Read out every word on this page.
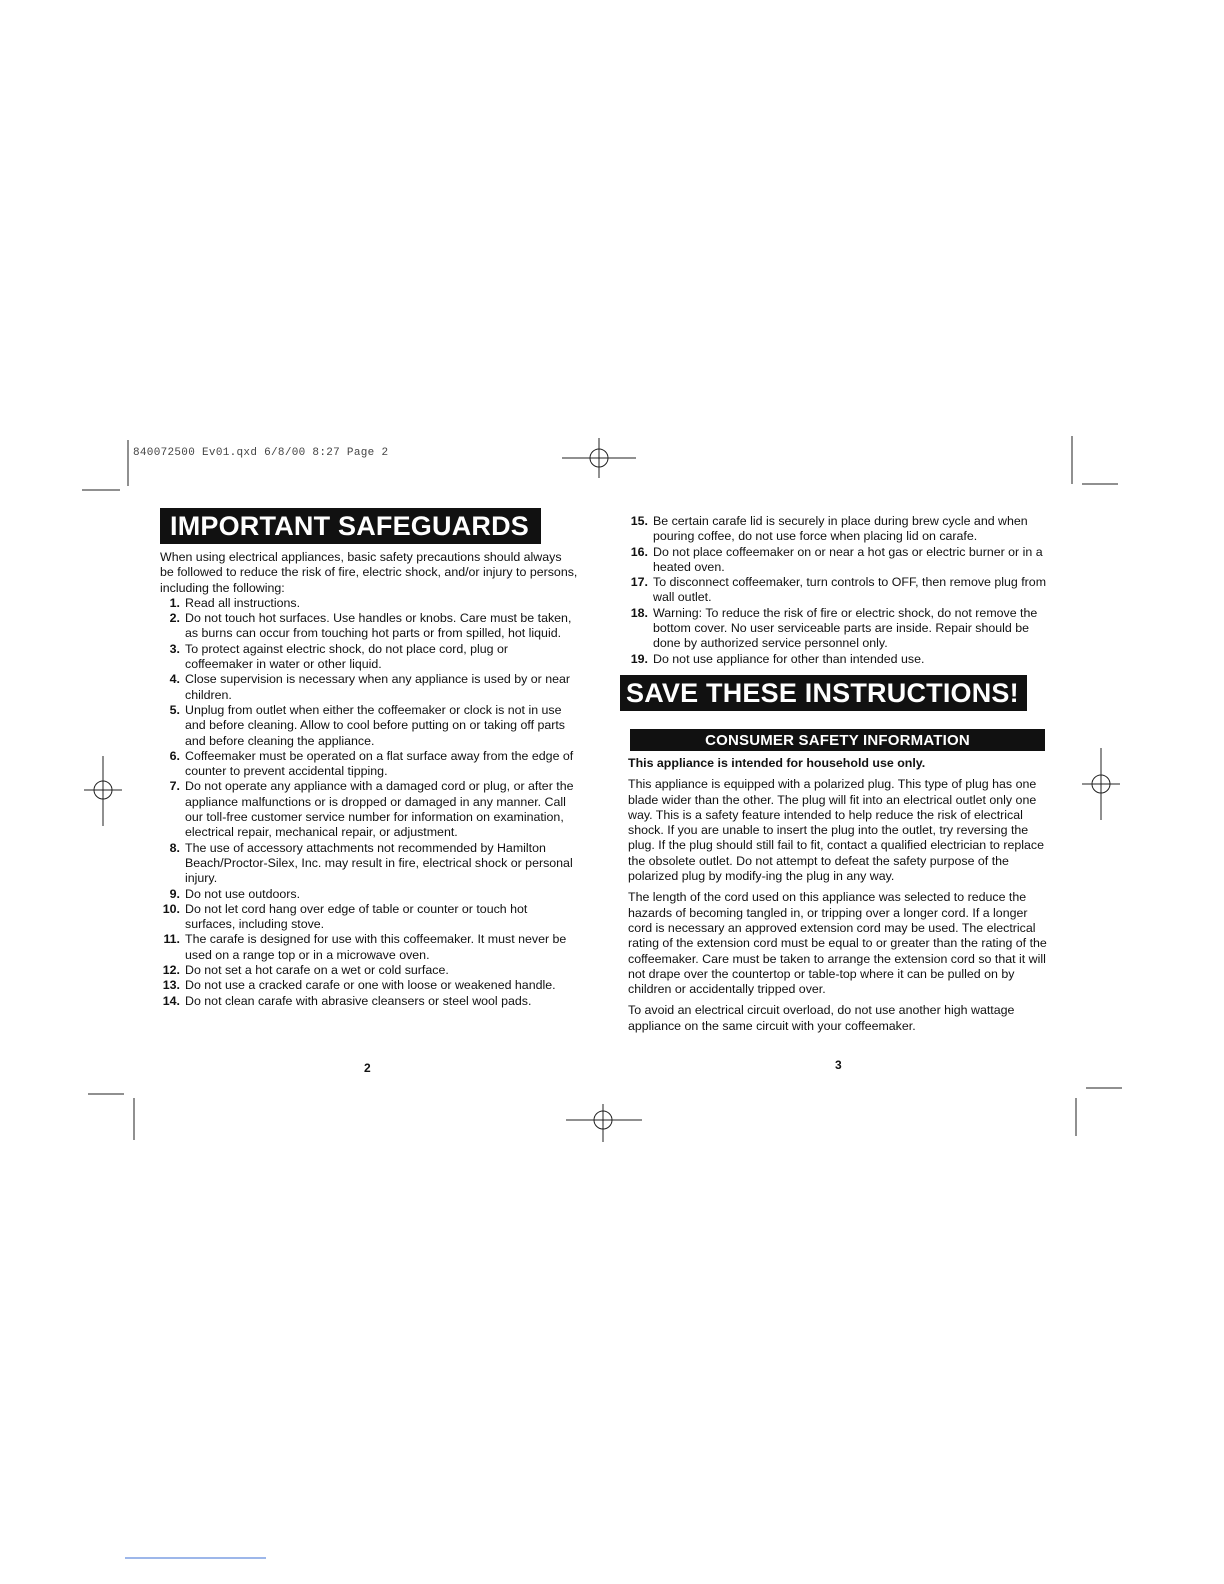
840072500 Ev01.qxd 6/8/00 8:27 Page 2
IMPORTANT SAFEGUARDS

When using electrical appliances, basic safety precautions should always be followed to reduce the risk of fire, electric shock, and/or injury to persons, including the following:

1. Read all instructions.
2. Do not touch hot surfaces. Use handles or knobs. Care must be taken, as burns can occur from touching hot parts or from spilled, hot liquid.
3. To protect against electric shock, do not place cord, plug or coffeemaker in water or other liquid.
4. Close supervision is necessary when any appliance is used by or near children.
5. Unplug from outlet when either the coffeemaker or clock is not in use and before cleaning. Allow to cool before putting on or taking off parts and before cleaning the appliance.
6. Coffeemaker must be operated on a flat surface away from the edge of counter to prevent accidental tipping.
7. Do not operate any appliance with a damaged cord or plug, or after the appliance malfunctions or is dropped or damaged in any manner. Call our toll-free customer service number for information on examination, electrical repair, mechanical repair, or adjustment.
8. The use of accessory attachments not recommended by Hamilton Beach/Proctor-Silex, Inc. may result in fire, electrical shock or personal injury.
9. Do not use outdoors.
10. Do not let cord hang over edge of table or counter or touch hot surfaces, including stove.
11. The carafe is designed for use with this coffeemaker. It must never be used on a range top or in a microwave oven.
12. Do not set a hot carafe on a wet or cold surface.
13. Do not use a cracked carafe or one with loose or weakened handle.
14. Do not clean carafe with abrasive cleansers or steel wool pads.
2
15. Be certain carafe lid is securely in place during brew cycle and when pouring coffee, do not use force when placing lid on carafe.
16. Do not place coffeemaker on or near a hot gas or electric burner or in a heated oven.
17. To disconnect coffeemaker, turn controls to OFF, then remove plug from wall outlet.
18. Warning: To reduce the risk of fire or electric shock, do not remove the bottom cover. No user serviceable parts are inside. Repair should be done by authorized service personnel only.
19. Do not use appliance for other than intended use.
SAVE THESE INSTRUCTIONS!
CONSUMER SAFETY INFORMATION

This appliance is intended for household use only.

This appliance is equipped with a polarized plug. This type of plug has one blade wider than the other. The plug will fit into an electrical outlet only one way. This is a safety feature intended to help reduce the risk of electrical shock. If you are unable to insert the plug into the outlet, try reversing the plug. If the plug should still fail to fit, contact a qualified electrician to replace the obsolete outlet. Do not attempt to defeat the safety purpose of the polarized plug by modify-ing the plug in any way.

The length of the cord used on this appliance was selected to reduce the hazards of becoming tangled in, or tripping over a longer cord. If a longer cord is necessary an approved extension cord may be used. The electrical rating of the extension cord must be equal to or greater than the rating of the coffeemaker. Care must be taken to arrange the extension cord so that it will not drape over the countertop or table-top where it can be pulled on by children or accidentally tripped over.

To avoid an electrical circuit overload, do not use another high wattage appliance on the same circuit with your coffeemaker.

3
